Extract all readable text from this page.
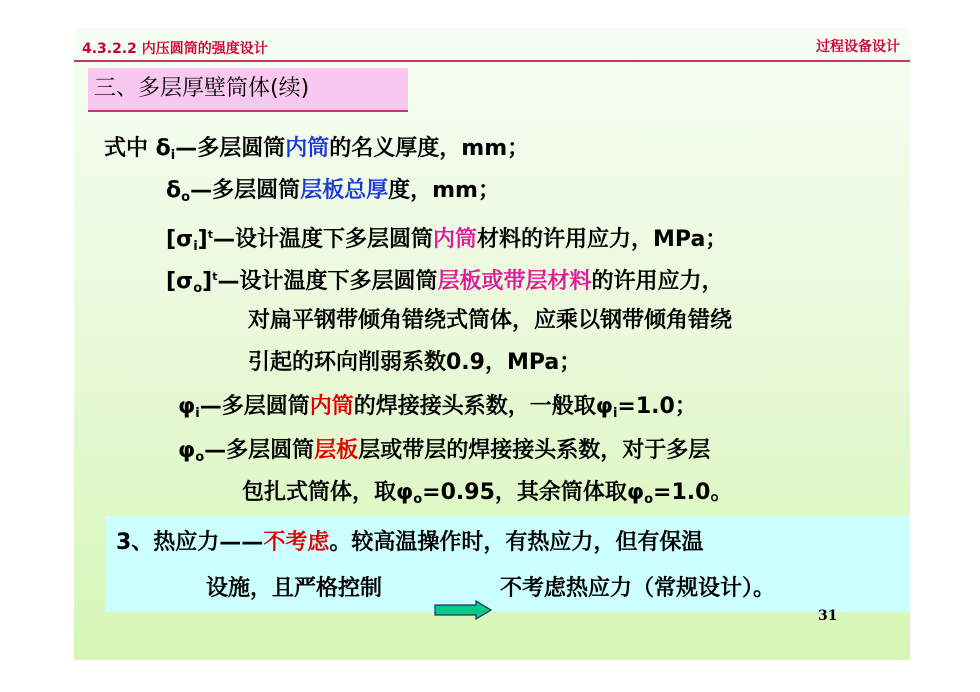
4.3.2.2 内压圆筒的强度设计	过程设备设计
三、多层厚壁筒体(续)
式中 $\delta_i—$多层圆筒内筒的名义厚度，mm；
$\delta_o—$多层圆筒层板总厚度，mm；
$[\sigma_i]^t—$设计温度下多层圆筒内筒材料的许用应力，MPa；
$[\sigma_o]^t—$设计温度下多层圆筒层板或带层材料的许用应力，
对扁平钢带倾角错绕式筒体，应乘以钢带倾角错绕
引起的环向削弱系数0.9，MPa；
$\varphi_i—$多层圆筒内筒的焊接接头系数，一般取$\varphi_i=1.0$；
$\varphi_o—$多层圆筒层板层或带层的焊接接头系数，对于多层
包扎式筒体，取$\varphi_o=0.95$，其余筒体取$\varphi_o=1.0$。
3、热应力——不考虑。较高温操作时，有热应力，但有保温
设施，且严格控制	不考虑热应力（常规设计）。
31
